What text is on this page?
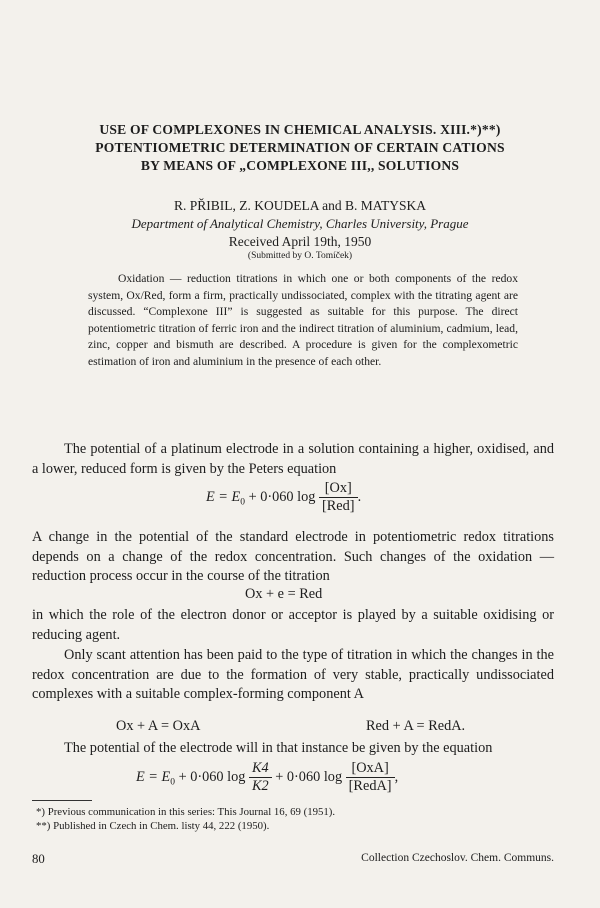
USE OF COMPLEXONES IN CHEMICAL ANALYSIS. XIII.*)**)
POTENTIOMETRIC DETERMINATION OF CERTAIN CATIONS
BY MEANS OF „COMPLEXONE III,, SOLUTIONS
R. PŘIBIL, Z. KOUDELA and B. MATYSKA
Department of Analytical Chemistry, Charles University, Prague
Received April 19th, 1950
(Submitted by O. Tomíček)
Oxidation — reduction titrations in which one or both components of the redox system, Ox/Red, form a firm, practically undissociated, complex with the titrating agent are discussed. “Complexone III” is suggested as suitable for this purpose. The direct potentiometric titration of ferric iron and the indirect titration of aluminium, cadmium, lead, zinc, copper and bismuth are described. A procedure is given for the complexometric estimation of iron and aluminium in the presence of each other.
The potential of a platinum electrode in a solution containing a higher, oxidised, and a lower, reduced form is given by the Peters equation
$E = E_0 + 0\cdot 060$ $\log \frac{[Ox]}{\text{[Red]}}$ .
A change in the potential of the standard electrode in potentiometric redox titrations depends on a change of the redox concentration. Such changes of the oxidation — reduction process occur in the course of the titration
Ox + e = Red
in which the role of the electron donor or acceptor is played by a suitable oxidising or reducing agent.
Only scant attention has been paid to the type of titration in which the changes in the redox concentration are due to the formation of very stable, practically undissociated complexes with a suitable complex-forming component A
Ox + A = OxA	Red + A = RedA.
The potential of the electrode will in that instance be given by the equation
$E = E_0 + 0\cdot 060$ $\log \frac{K4}{K2} + 0\cdot 060$ $\log \frac{\text{[OxA]}}{\text{[RedA]}}$ ,
*) Previous communication in this series: This Journal 16, 69 (1951).
**) Published in Czech in Chem. listy 44, 222 (1950).
80	Collection Czechoslov. Chem. Communs.
